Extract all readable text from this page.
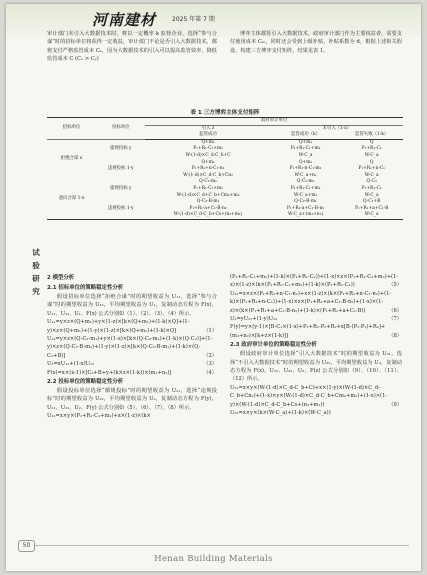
河南建材	2025 年第 7 期
试
验
研
究

审计部门未引入大数据技术时，将以一定概率 k 监督企业，选择“参与合谋”时的招标单位将获得一定收益，审计部门不论是否引入大数据技术，都将支付严格监管成本 Cₐ，因为大数据技术的引入可以提高监管效率，降低监管成本 C (Cₓ > Cᵧ)

博弈主体都惩引入大数据技术，政府审计部门作为主要权益者，需要支付使用成本 Cₘ，同时还会受到上级补贴，补贴系数为 d，根据上述相关假设，构建三方博弈支付矩阵，结果见表 1。

表 1 三方博弈主体支付矩阵
招标单位	投标单位	政府审计单位		
		引入 z	未引入（1-z）	
		监管成功	监管成功（k）	监管失败（1-k）
拒绝合谋 x	提规投标 y	Q+m₁	Q+m₁	Q
		P₁+R₁-C₁+m₂	P₁+R₁-C₁+m₂	P₁+R₁-C₁
		W-(1-d)×C_d-C_b+C	W-C_a	W-C_a
	违规投标 1-y	Q+m₁	Q+m₁	Q
		P₁+R₁+n-C₁-n₂	P₁+R₁-n-C₁-m₂	P₁+R₁+n-C₁
		W-(1-d)×C_d-C_b+Cn₂	W-C_a+n₁	W-C_a
意向合谋 1-x	提规投标 y	Q-C₂-m₁	Q-C₂-m₁	Q-C₂
		P₁+R₁-C₁+m₂	P₁+R₁-C₁+m₂	P₁+R₁-C₁
		W-(1-d)×C_d+C_b+Cm₂+m₂	W-C_a+m₁	W-C_a
	违规投标 1-y	Q-C₂-B-m₁	Q-C₂-B-m₁	Q-C₂+B
		P₁+R₁-a+C₁-B-n₂	P₁+R₁-a+C₁-B-n₂	P₁+R₁+a+C₁-B
		W-(1-d)×C_d-C_b+Cs+(n₂+m₁)	W-C_a+(m₁+n₂)	W-C_a

2 模型分析

2.1 招标单位的策略稳定性分析

假设招标单位选择“拒绝合谋”时的期望收益为 U₁₁，选择“参与合谋”时的期望收益为 U₁₂，平均期望收益为 U₁，复制动态方程为 F(x)，U₁₁、U₁₂、U₁、F(x) 公式分别如（1）、（2）、（3）、（4）所示。

U₁₁=y×z×(Q+m₁)+y×(1-z)×[k×(Q+m₁)+(1-k)×Q]+(1-y)×z×(Q+m₁)+(1-y)×(1-z)×[k×(Q+m₁)+(1-k)×Q]	（1）

U₁₂=y×z×(Q-C₂-m₁)+y×(1-z)×[k×(Q-C₂-m₁)+(1-k)×(Q-C₂)]+(1-y)×z×(Q-C₂-B-m₁)+(1-y)×(1-z)×[k×(Q-C₂-B-m₁)+(1-k)×(Q-C₂+B)]	（2）

U₁=xU₁₁+(1-x)U₁₂	（3）

F(x)=x×(x-1)×[C₂+B+y+(k×z×(1-k))×(m₁+n₂)]	（4）

2.2 投标单位的策略稳定性分析

假设投标单位选择“循规投标”时的期望收益为 U₂₁，选择“违规投标”时的期望收益为 U₂₂，平均期望收益为 U₂，复制动态方程为 F(y)，U₂₁、U₂₂、U₂、F(y) 公式分别如（5）、（6）、（7）、（8）所示。

U₂₁=x×y×(P₁+R₁-C₁+m₂)+x×(1-z)×(k×

(P₁+R₁-C₁+m₂)+(1-k)×(P₁+R₁-C₁))+(1-x)×z×(P₁+R₁-C₁+m₂)+(1-x)×(1-z)×(k×(P₁+R₁-C₁+m₂)+(1-k)×(P₁+R₁-C₁))	（5）

U₂₂=x×z×(P₁+R₁+n-C₁-n₂)+x×(1-z)×(k×(P₁+R₁+n-C₁-n₂)+(1-k)×(P₁+R₁+n-C₁))+(1-x)×z×(P₁+R₁+a+C₁-B-n₂)+(1-x)×(1-z)×(k×(P₁+R₁+a+C₁-B-n₂)+(1-k)×(P₁+R₁+a+C₁-B))	（6）

U₂=yU₂₁+(1-y)U₂₂	（7）

F(y)=y×(y-1)×[B-C₁×(1-x)+P₁+R₁-P₂+R₂+x[B-(P₁-P₂)+R₂]+(m₂+n₂)×[k+z×(1-k)]]	（8）

2.3 政府审计单位的策略稳定性分析

假设政府审计单位选择“引入大数据技术”时的期望收益为 U₃₁，选择“不引入大数据技术”时的期望收益为 U₃₂，平均期望收益为 U₃，复制动态方程为 F(z)，U₃₁、U₃₂、U₃、F(z) 公式分别如（9）、（10）、（11）、（12）所示。

U₃₁=x×y×(W-(1-d)×C_d-C_b+C)+x×(1-y)×(W-(1-d)×C_d-C_b+Cn₂)+(1-x)×y×(W-(1-d)×C_d-C_b+Cm₂+m₂)+(1-x)×(1-y)×(W-(1-d)×C_d-C_b+Cs+(n₂+m₁))	（9）

U₃₂=x×y×(k×(W-C_a)+(1-k)×(W-C_a))

50
Henan Building Materials
